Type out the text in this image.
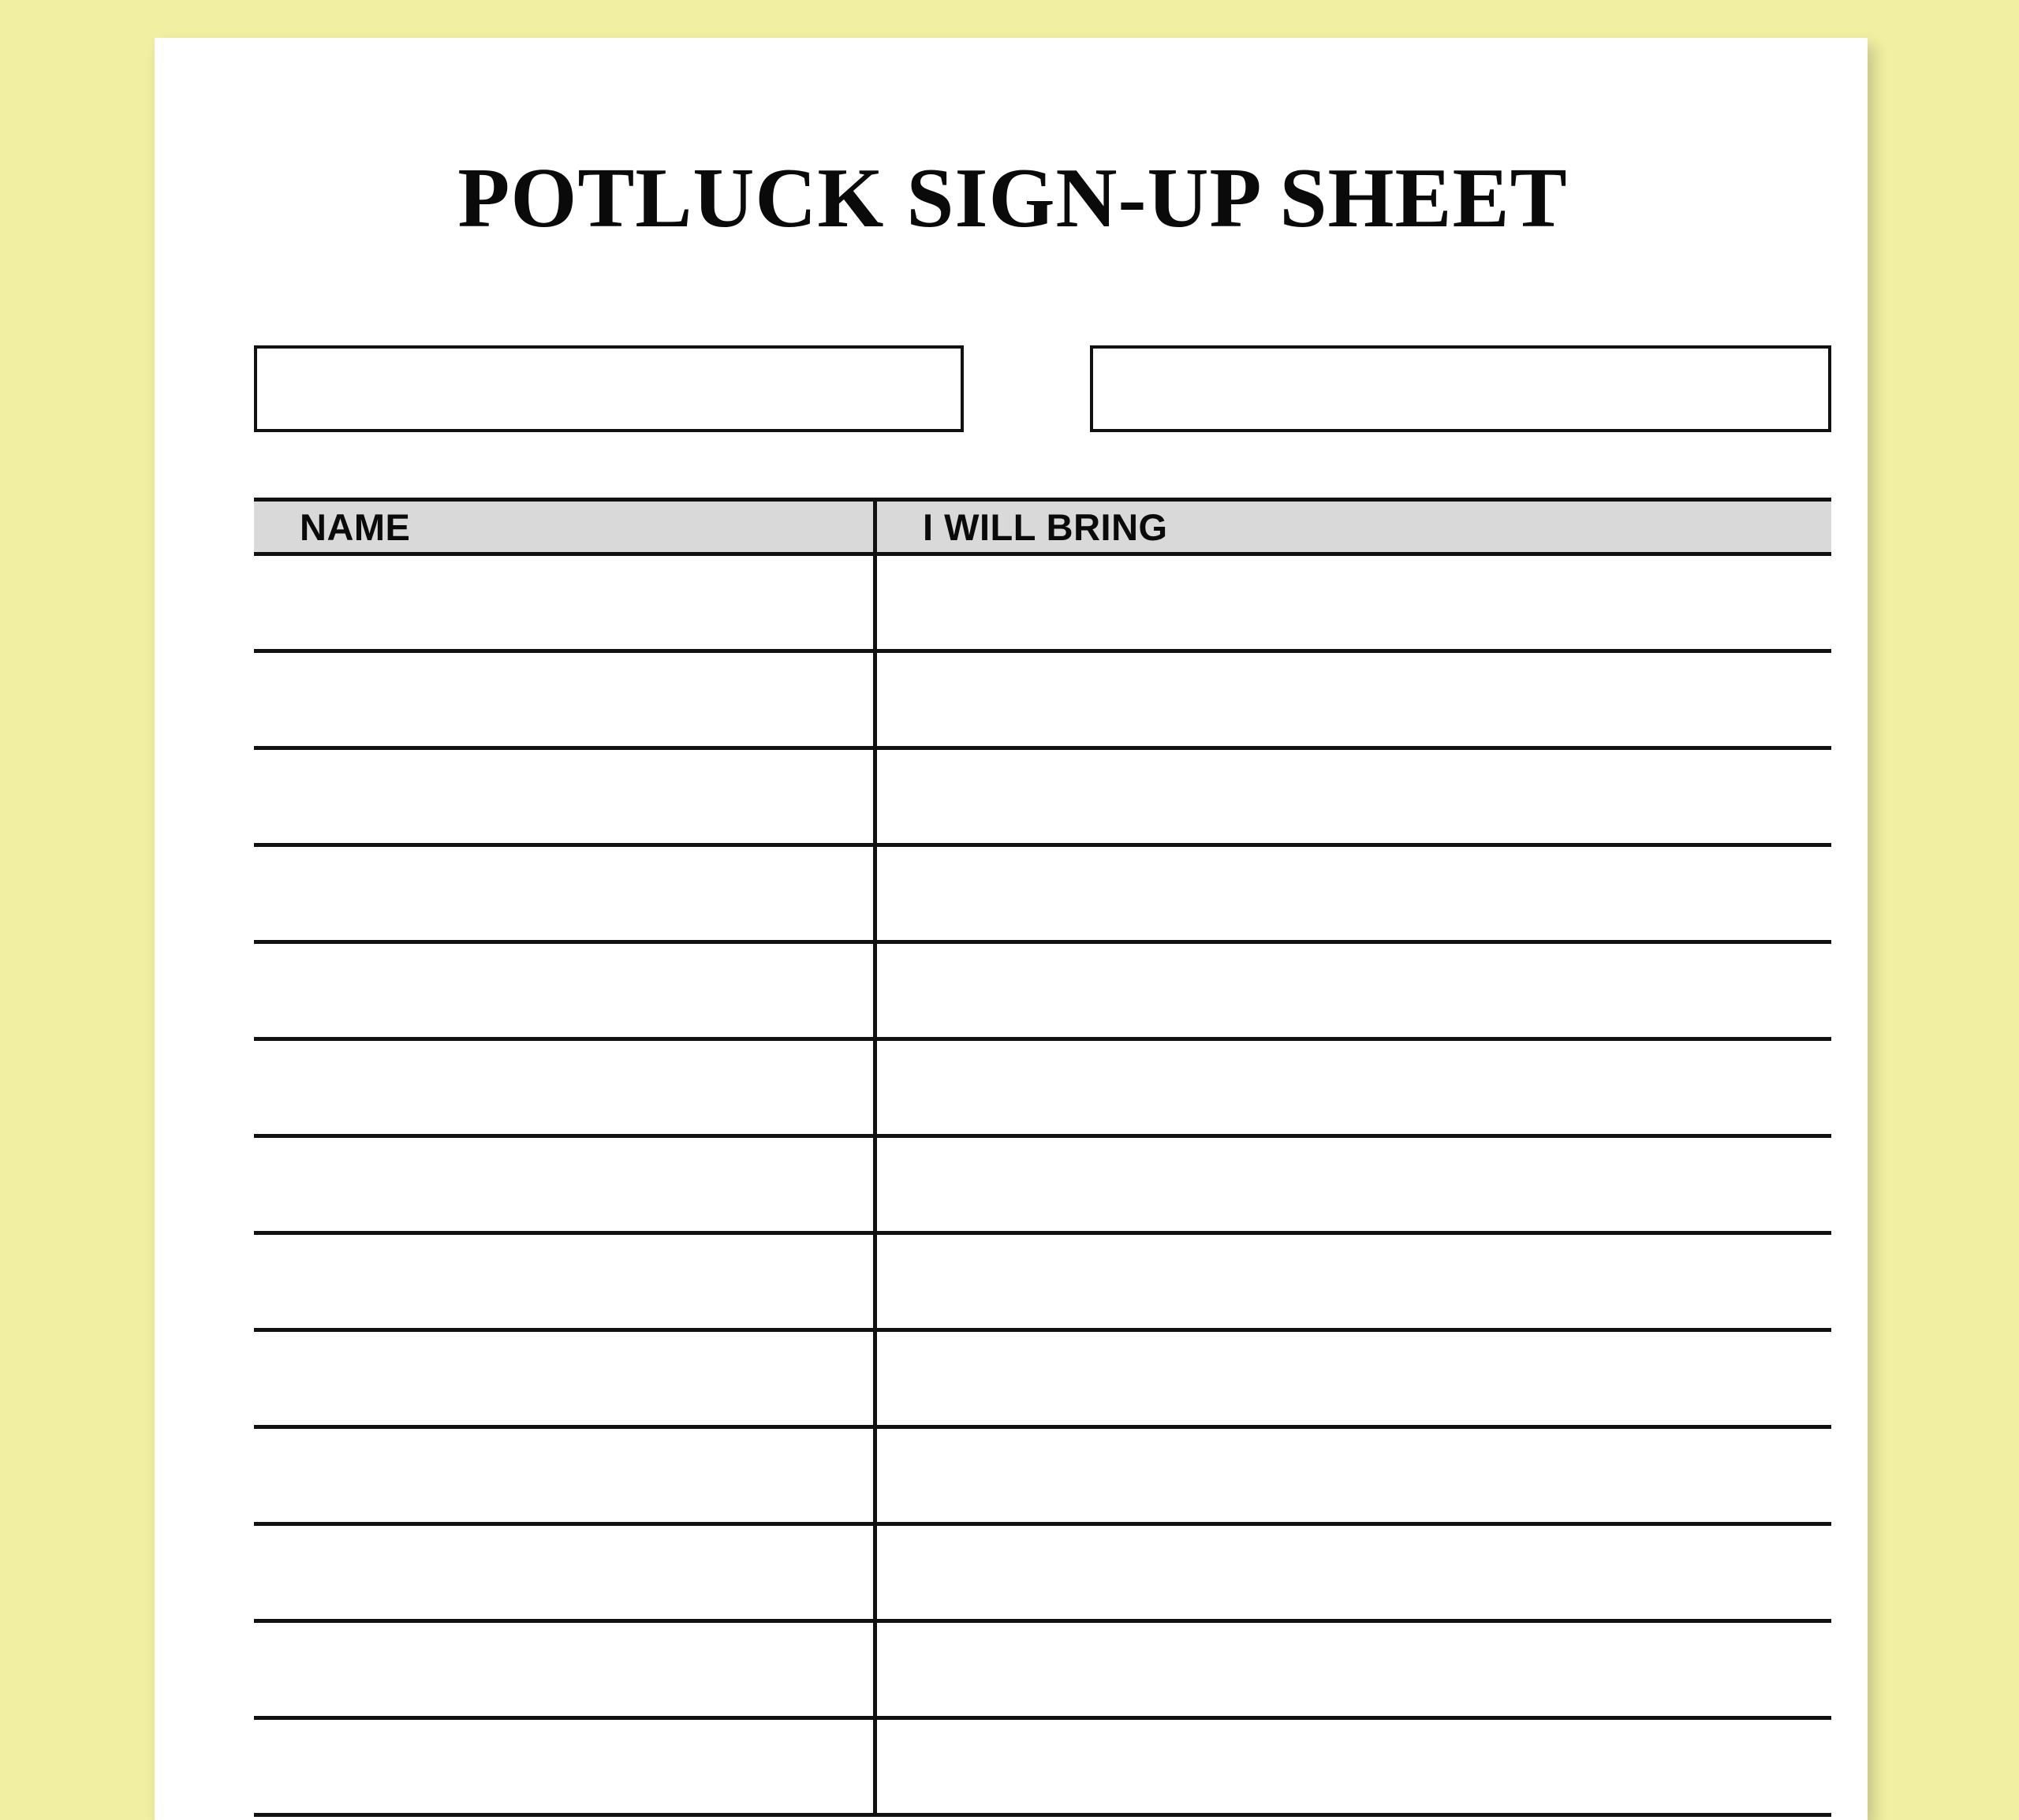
POTLUCK SIGN-UP SHEET
NAME	I WILL BRING
